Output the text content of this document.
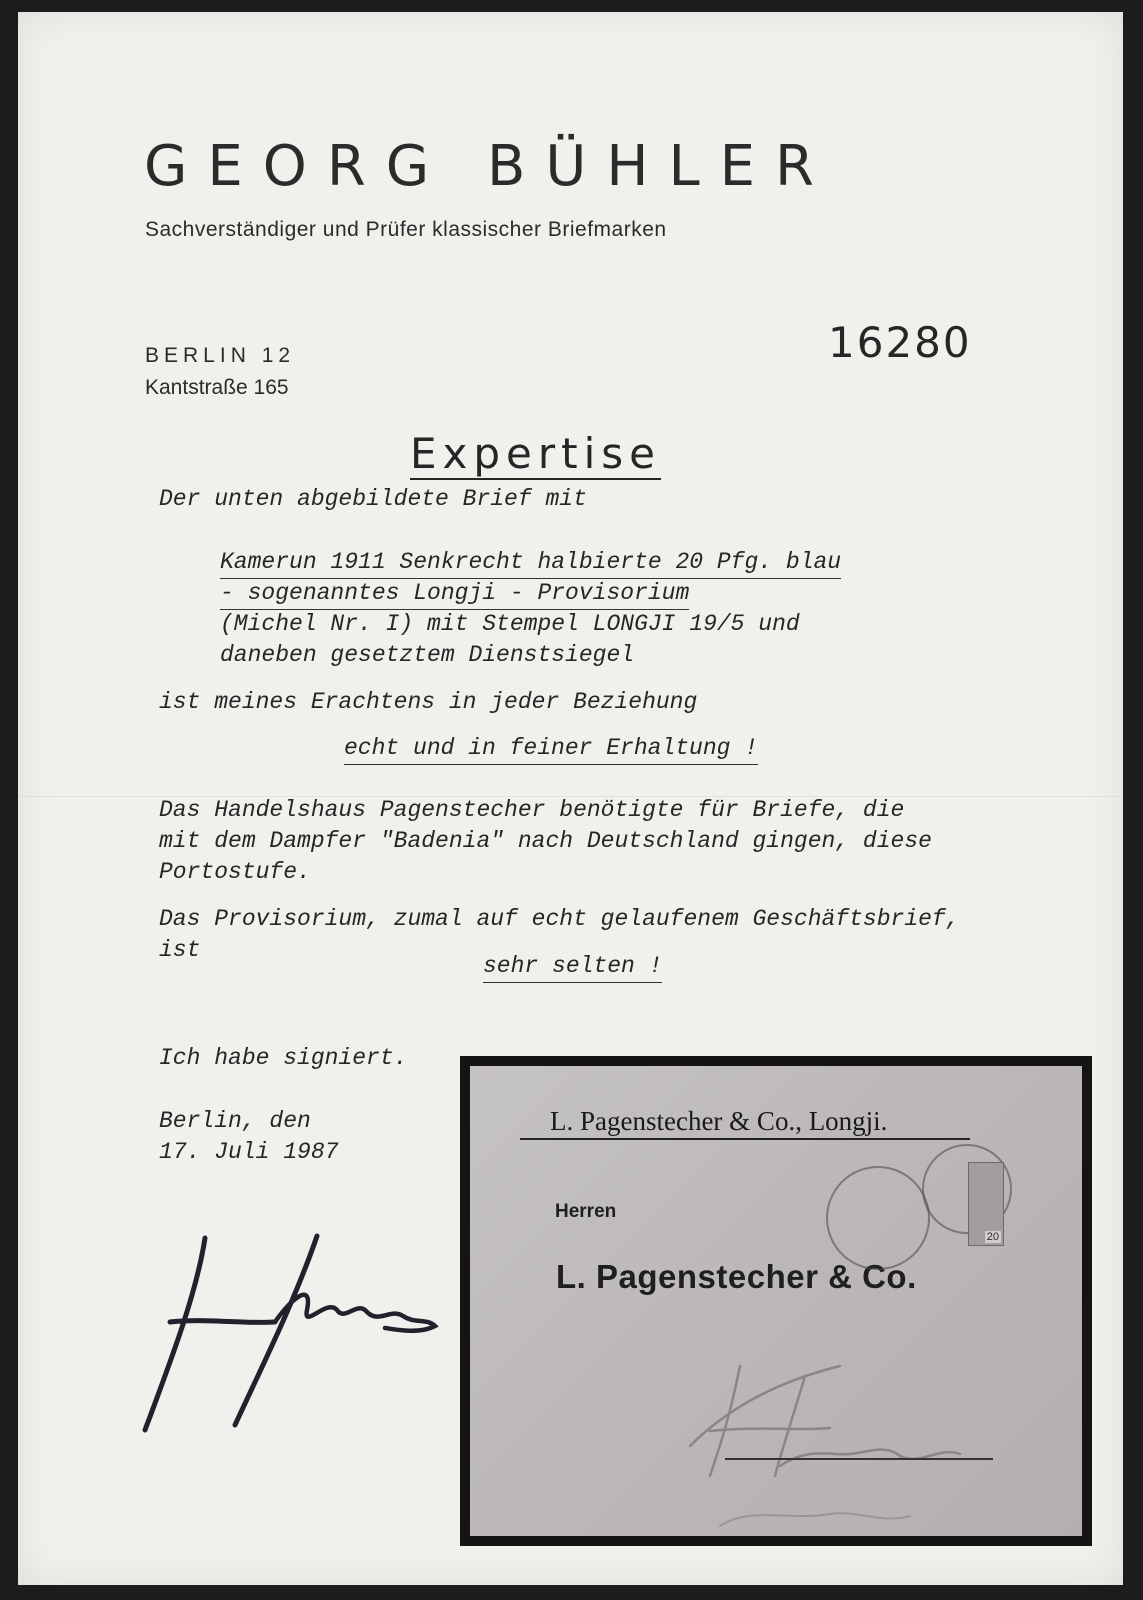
GEORG BÜHLER
Sachverständiger und Prüfer klassischer Briefmarken
BERLIN 12
Kantstraße 165
16280
Expertise
Der unten abgebildete Brief mit
Kamerun 1911 Senkrecht halbierte 20 Pfg. blau
- sogenanntes Longji - Provisorium
(Michel Nr. I) mit Stempel LONGJI 19/5 und
daneben gesetztem Dienstsiegel
ist meines Erachtens in jeder Beziehung
echt und in feiner Erhaltung !
Das Handelshaus Pagenstecher benötigte für Briefe, die
mit dem Dampfer "Badenia" nach Deutschland gingen, diese
Portostufe.
Das Provisorium, zumal auf echt gelaufenem Geschäftsbrief,
ist
sehr selten !
Ich habe signiert.
Berlin, den
17. Juli 1987
L. Pagenstecher & Co., Longji.
Herren
L. Pagenstecher & Co.
20
